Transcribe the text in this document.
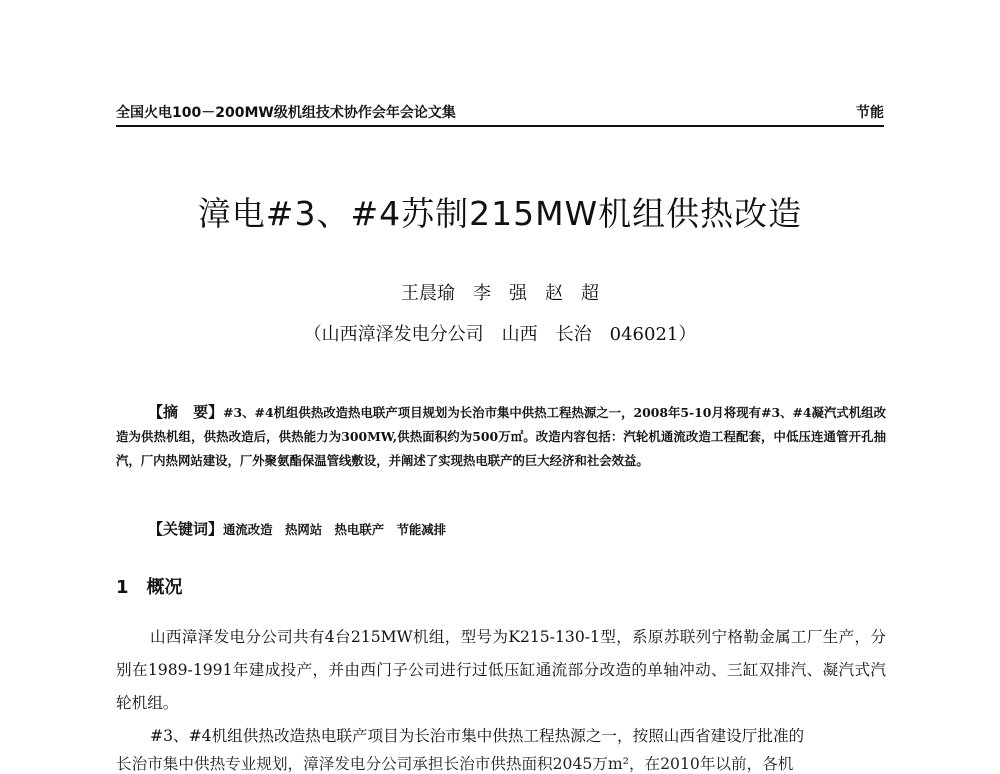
全国火电100－200MW级机组技术协作会年会论文集	节能
漳电#3、#4苏制215MW机组供热改造
王晨瑜　李　强　赵　超
（山西漳泽发电分公司　山西　长治　046021）
【摘　要】#3、#4机组供热改造热电联产项目规划为长治市集中供热工程热源之一，2008年5-10月将现有#3、#4凝汽式机组改造为供热机组，供热改造后，供热能力为300MW,供热面积约为500万㎡。改造内容包括：汽轮机通流改造工程配套，中低压连通管开孔抽汽，厂内热网站建设，厂外聚氨酯保温管线敷设，并阐述了实现热电联产的巨大经济和社会效益。
【关键词】通流改造　热网站　热电联产　节能减排
1　概况

山西漳泽发电分公司共有4台215MW机组，型号为K215-130-1型，系原苏联列宁格勒金属工厂生产，分别在1989-1991年建成投产，并由西门子公司进行过低压缸通流部分改造的单轴冲动、三缸双排汽、凝汽式汽轮机组。

#3、#4机组供热改造热电联产项目为长治市集中供热工程热源之一，按照山西省建设厅批准的

长治市集中供热专业规划，漳泽发电分公司承担长治市供热面积2045万m²，在2010年以前，各机
